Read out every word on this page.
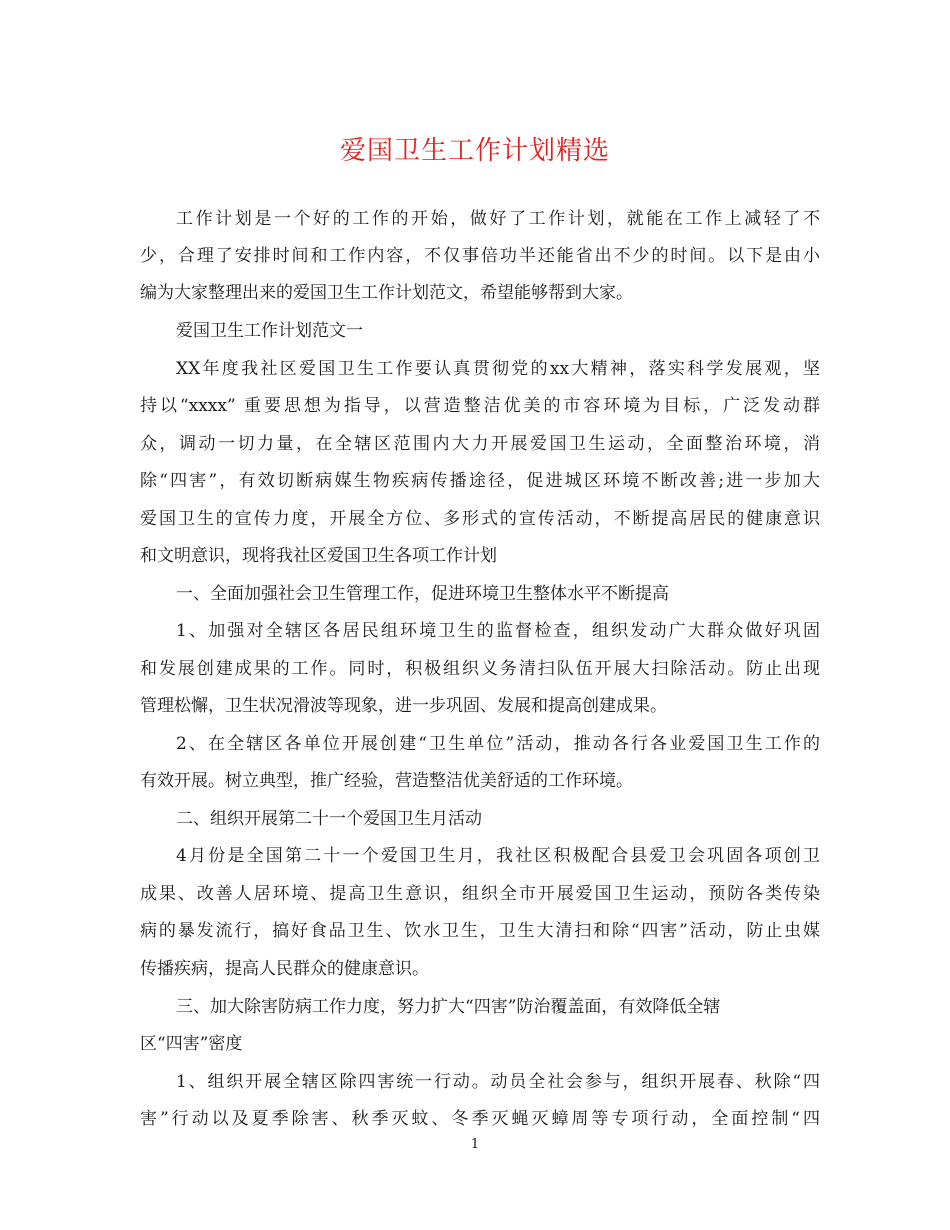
爱国卫生工作计划精选
工作计划是一个好的工作的开始，做好了工作计划，就能在工作上减轻了不
少，合理了安排时间和工作内容，不仅事倍功半还能省出不少的时间。以下是由小
编为大家整理出来的爱国卫生工作计划范文，希望能够帮到大家。
爱国卫生工作计划范文一
XX年度我社区爱国卫生工作要认真贯彻党的xx大精神，落实科学发展观，坚
持以“xxxx” 重要思想为指导，以营造整洁优美的市容环境为目标，广泛发动群
众，调动一切力量，在全辖区范围内大力开展爱国卫生运动，全面整治环境，消
除“四害”，有效切断病媒生物疾病传播途径，促进城区环境不断改善;进一步加大
爱国卫生的宣传力度，开展全方位、多形式的宣传活动，不断提高居民的健康意识
和文明意识，现将我社区爱国卫生各项工作计划
一、全面加强社会卫生管理工作，促进环境卫生整体水平不断提高
1、加强对全辖区各居民组环境卫生的监督检查，组织发动广大群众做好巩固
和发展创建成果的工作。同时，积极组织义务清扫队伍开展大扫除活动。防止出现
管理松懈，卫生状况滑波等现象，进一步巩固、发展和提高创建成果。
2、在全辖区各单位开展创建“卫生单位”活动，推动各行各业爱国卫生工作的
有效开展。树立典型，推广经验，营造整洁优美舒适的工作环境。
二、组织开展第二十一个爱国卫生月活动
4月份是全国第二十一个爱国卫生月，我社区积极配合县爱卫会巩固各项创卫
成果、改善人居环境、提高卫生意识，组织全市开展爱国卫生运动，预防各类传染
病的暴发流行，搞好食品卫生、饮水卫生，卫生大清扫和除“四害”活动，防止虫媒
传播疾病，提高人民群众的健康意识。
三、加大除害防病工作力度，努力扩大“四害”防治覆盖面，有效降低全辖
区“四害”密度
1、组织开展全辖区除四害统一行动。动员全社会参与，组织开展春、秋除“四
害”行动以及夏季除害、秋季灭蚊、冬季灭蝇灭蟑周等专项行动，全面控制“四
1
